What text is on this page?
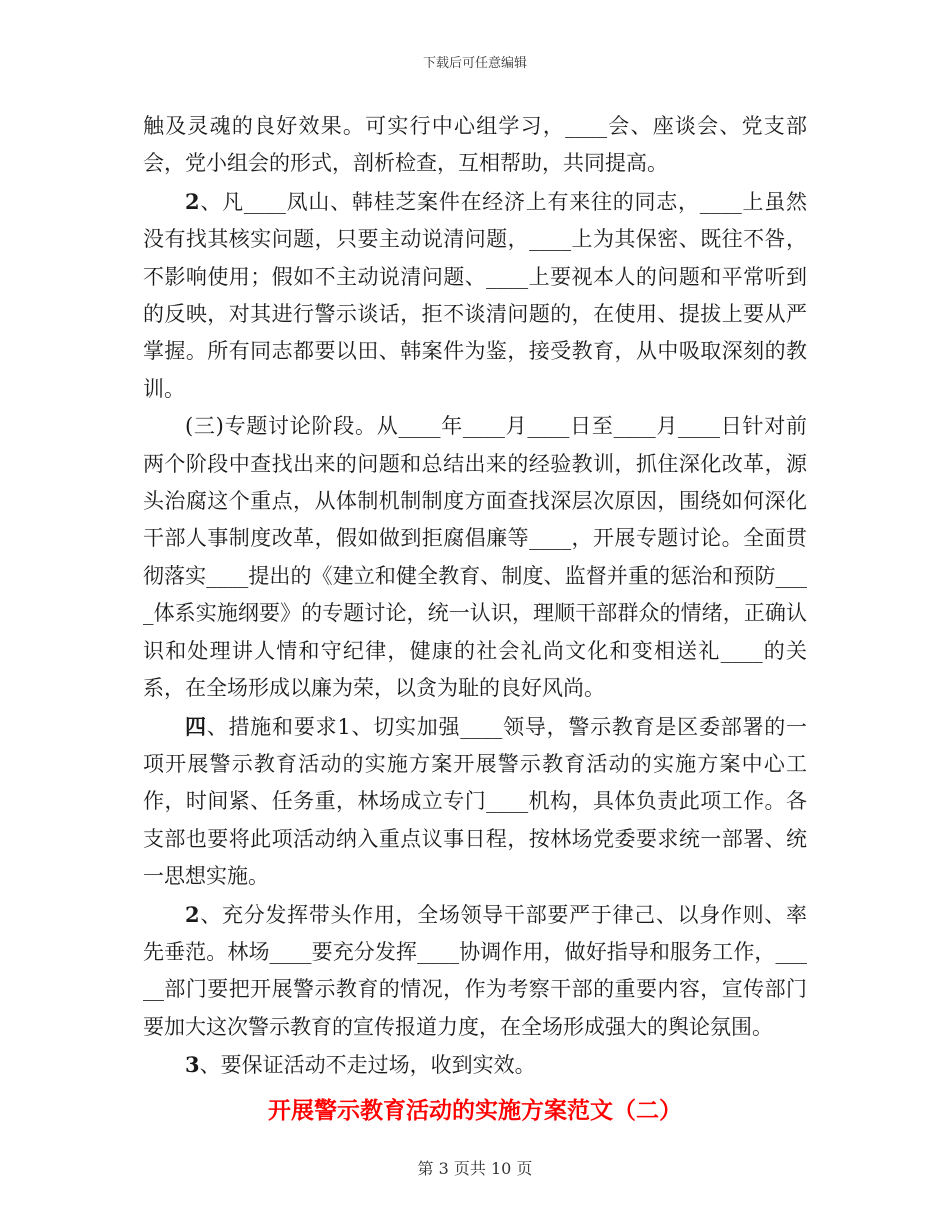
下载后可任意编辑

触及灵魂的良好效果。可实行中心组学习，____会、座谈会、党支部会，党小组会的形式，剖析检查，互相帮助，共同提高。

2、凡____凤山、韩桂芝案件在经济上有来往的同志，____上虽然没有找其核实问题，只要主动说清问题，____上为其保密、既往不咎，不影响使用；假如不主动说清问题、____上要视本人的问题和平常听到的反映，对其进行警示谈话，拒不谈清问题的，在使用、提拔上要从严掌握。所有同志都要以田、韩案件为鉴，接受教育，从中吸取深刻的教训。

(三)专题讨论阶段。从____年____月____日至____月____日针对前两个阶段中查找出来的问题和总结出来的经验教训，抓住深化改革，源头治腐这个重点，从体制机制制度方面查找深层次原因，围绕如何深化干部人事制度改革，假如做到拒腐倡廉等____，开展专题讨论。全面贯彻落实____提出的《建立和健全教育、制度、监督并重的惩治和预防____体系实施纲要》的专题讨论，统一认识，理顺干部群众的情绪，正确认识和处理讲人情和守纪律，健康的社会礼尚文化和变相送礼____的关系，在全场形成以廉为荣，以贪为耻的良好风尚。

四、措施和要求1、切实加强____领导，警示教育是区委部署的一项开展警示教育活动的实施方案开展警示教育活动的实施方案中心工作，时间紧、任务重，林场成立专门____机构，具体负责此项工作。各支部也要将此项活动纳入重点议事日程，按林场党委要求统一部署、统一思想实施。

2、充分发挥带头作用，全场领导干部要严于律己、以身作则、率先垂范。林场____要充分发挥____协调作用，做好指导和服务工作，_____部门要把开展警示教育的情况，作为考察干部的重要内容，宣传部门要加大这次警示教育的宣传报道力度，在全场形成强大的舆论氛围。

3、要保证活动不走过场，收到实效。

开展警示教育活动的实施方案范文（二）
第 3 页共 10 页
